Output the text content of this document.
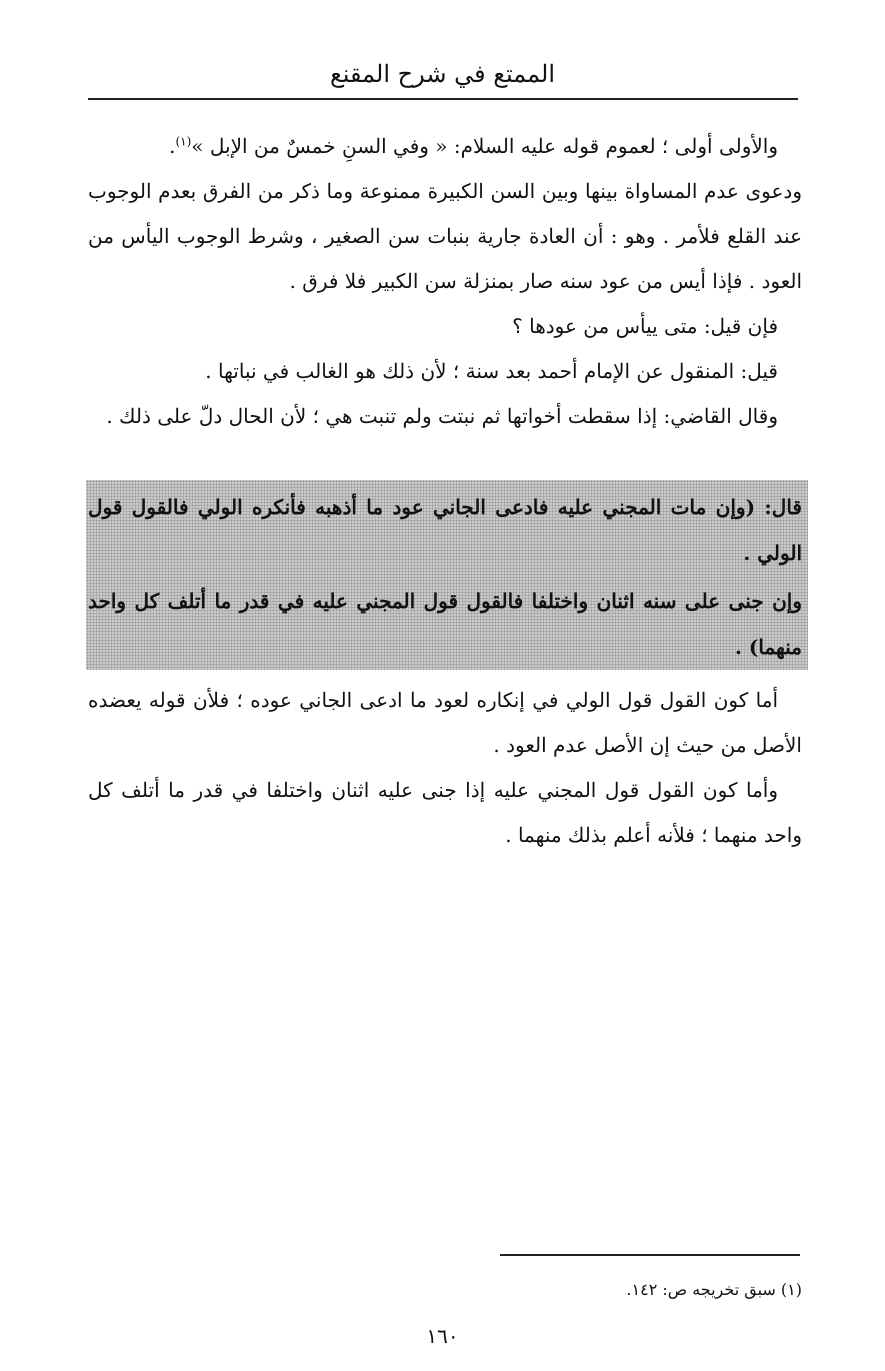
الممتع في شرح المقنع

والأولى أولى ؛ لعموم قوله عليه السلام: « وفي السنِ خمسٌ من الإبل »$^{(١)}$.

ودعوى عدم المساواة بينها وبين السن الكبيرة ممنوعة وما ذكر من الفرق بعدم الوجوب عند القلع فلأمر . وهو : أن العادة جارية بنبات سن الصغير ، وشرط الوجوب اليأس من العود . فإذا أيس من عود سنه صار بمنزلة سن الكبير فلا فرق .

فإن قيل: متى ييأس من عودها ؟

قيل: المنقول عن الإمام أحمد بعد سنة ؛ لأن ذلك هو الغالب في نباتها .

وقال القاضي: إذا سقطت أخواتها ثم نبتت ولم تنبت هي ؛ لأن الحال دلّ على ذلك .

قال: (وإن مات المجني عليه فادعى الجاني عود ما أذهبه فأنكره الولي فالقول قول الولي .

وإن جنى على سنه اثنان واختلفا فالقول قول المجني عليه في قدر ما أتلف كل واحد منهما) .

أما كون القول قول الولي في إنكاره لعود ما ادعى الجاني عوده ؛ فلأن قوله يعضده الأصل من حيث إن الأصل عدم العود .

وأما كون القول قول المجني عليه إذا جنى عليه اثنان واختلفا في قدر ما أتلف كل واحد منهما ؛ فلأنه أعلم بذلك منهما .

(١) سبق تخريجه ص: ١٤٢.
١٦٠
